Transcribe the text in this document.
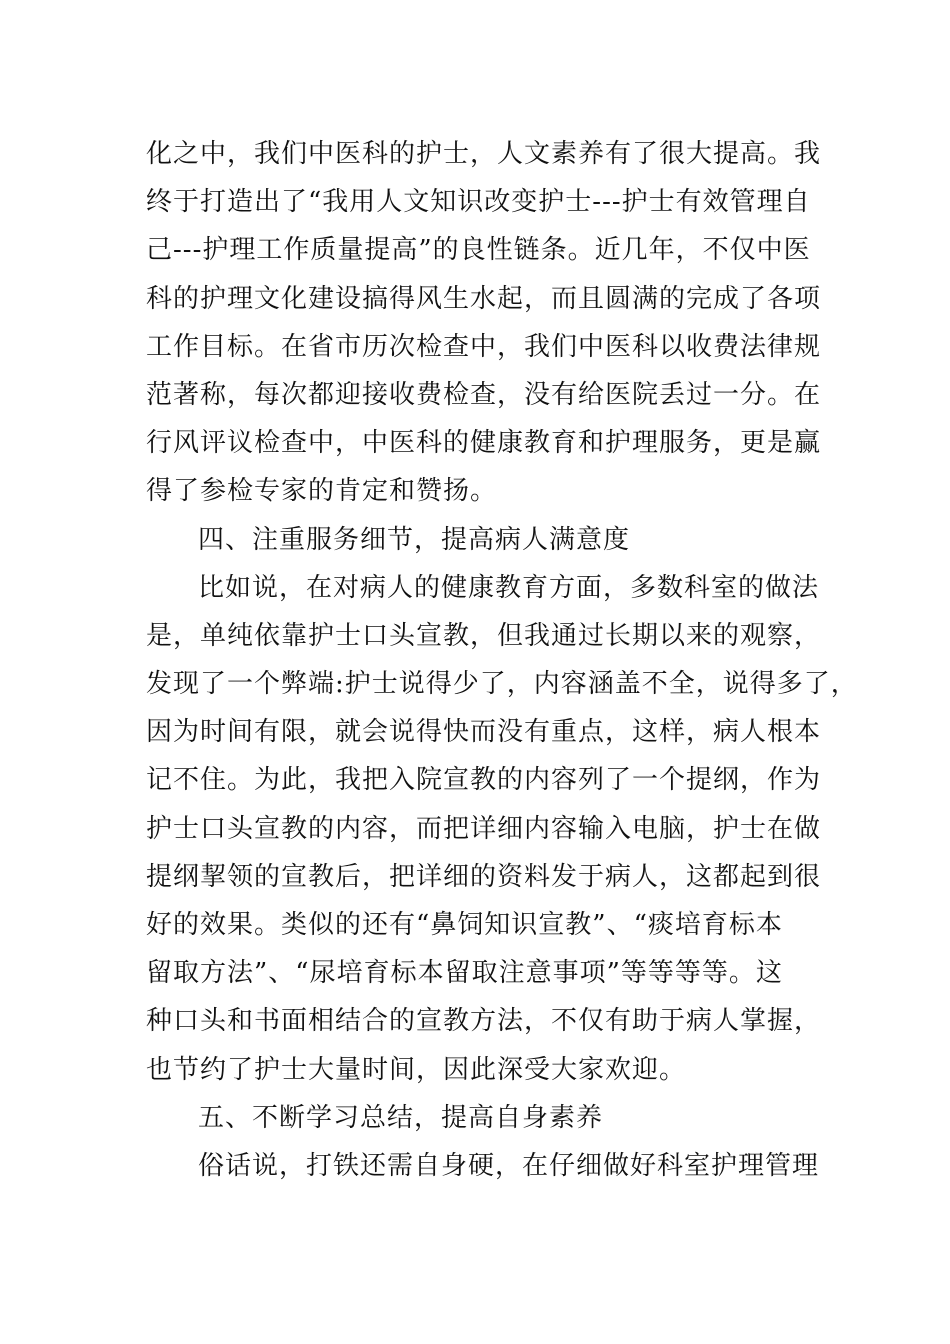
化之中，我们中医科的护士，人文素养有了很大提高。我
终于打造出了“我用人文知识改变护士---护士有效管理自
己---护理工作质量提高”的良性链条。近几年，不仅中医
科的护理文化建设搞得风生水起，而且圆满的完成了各项
工作目标。在省市历次检查中，我们中医科以收费法律规
范著称，每次都迎接收费检查，没有给医院丢过一分。在
行风评议检查中，中医科的健康教育和护理服务，更是赢
得了参检专家的肯定和赞扬。
四、注重服务细节，提高病人满意度
比如说，在对病人的健康教育方面，多数科室的做法
是，单纯依靠护士口头宣教，但我通过长期以来的观察，
发现了一个弊端:护士说得少了，内容涵盖不全，说得多了，
因为时间有限，就会说得快而没有重点，这样，病人根本
记不住。为此，我把入院宣教的内容列了一个提纲，作为
护士口头宣教的内容，而把详细内容输入电脑，护士在做
提纲挈领的宣教后，把详细的资料发于病人，这都起到很
好的效果。类似的还有“鼻饲知识宣教”、“痰培育标本
留取方法”、“尿培育标本留取注意事项”等等等等。这
种口头和书面相结合的宣教方法，不仅有助于病人掌握，
也节约了护士大量时间，因此深受大家欢迎。
五、不断学习总结，提高自身素养
俗话说，打铁还需自身硬，在仔细做好科室护理管理
